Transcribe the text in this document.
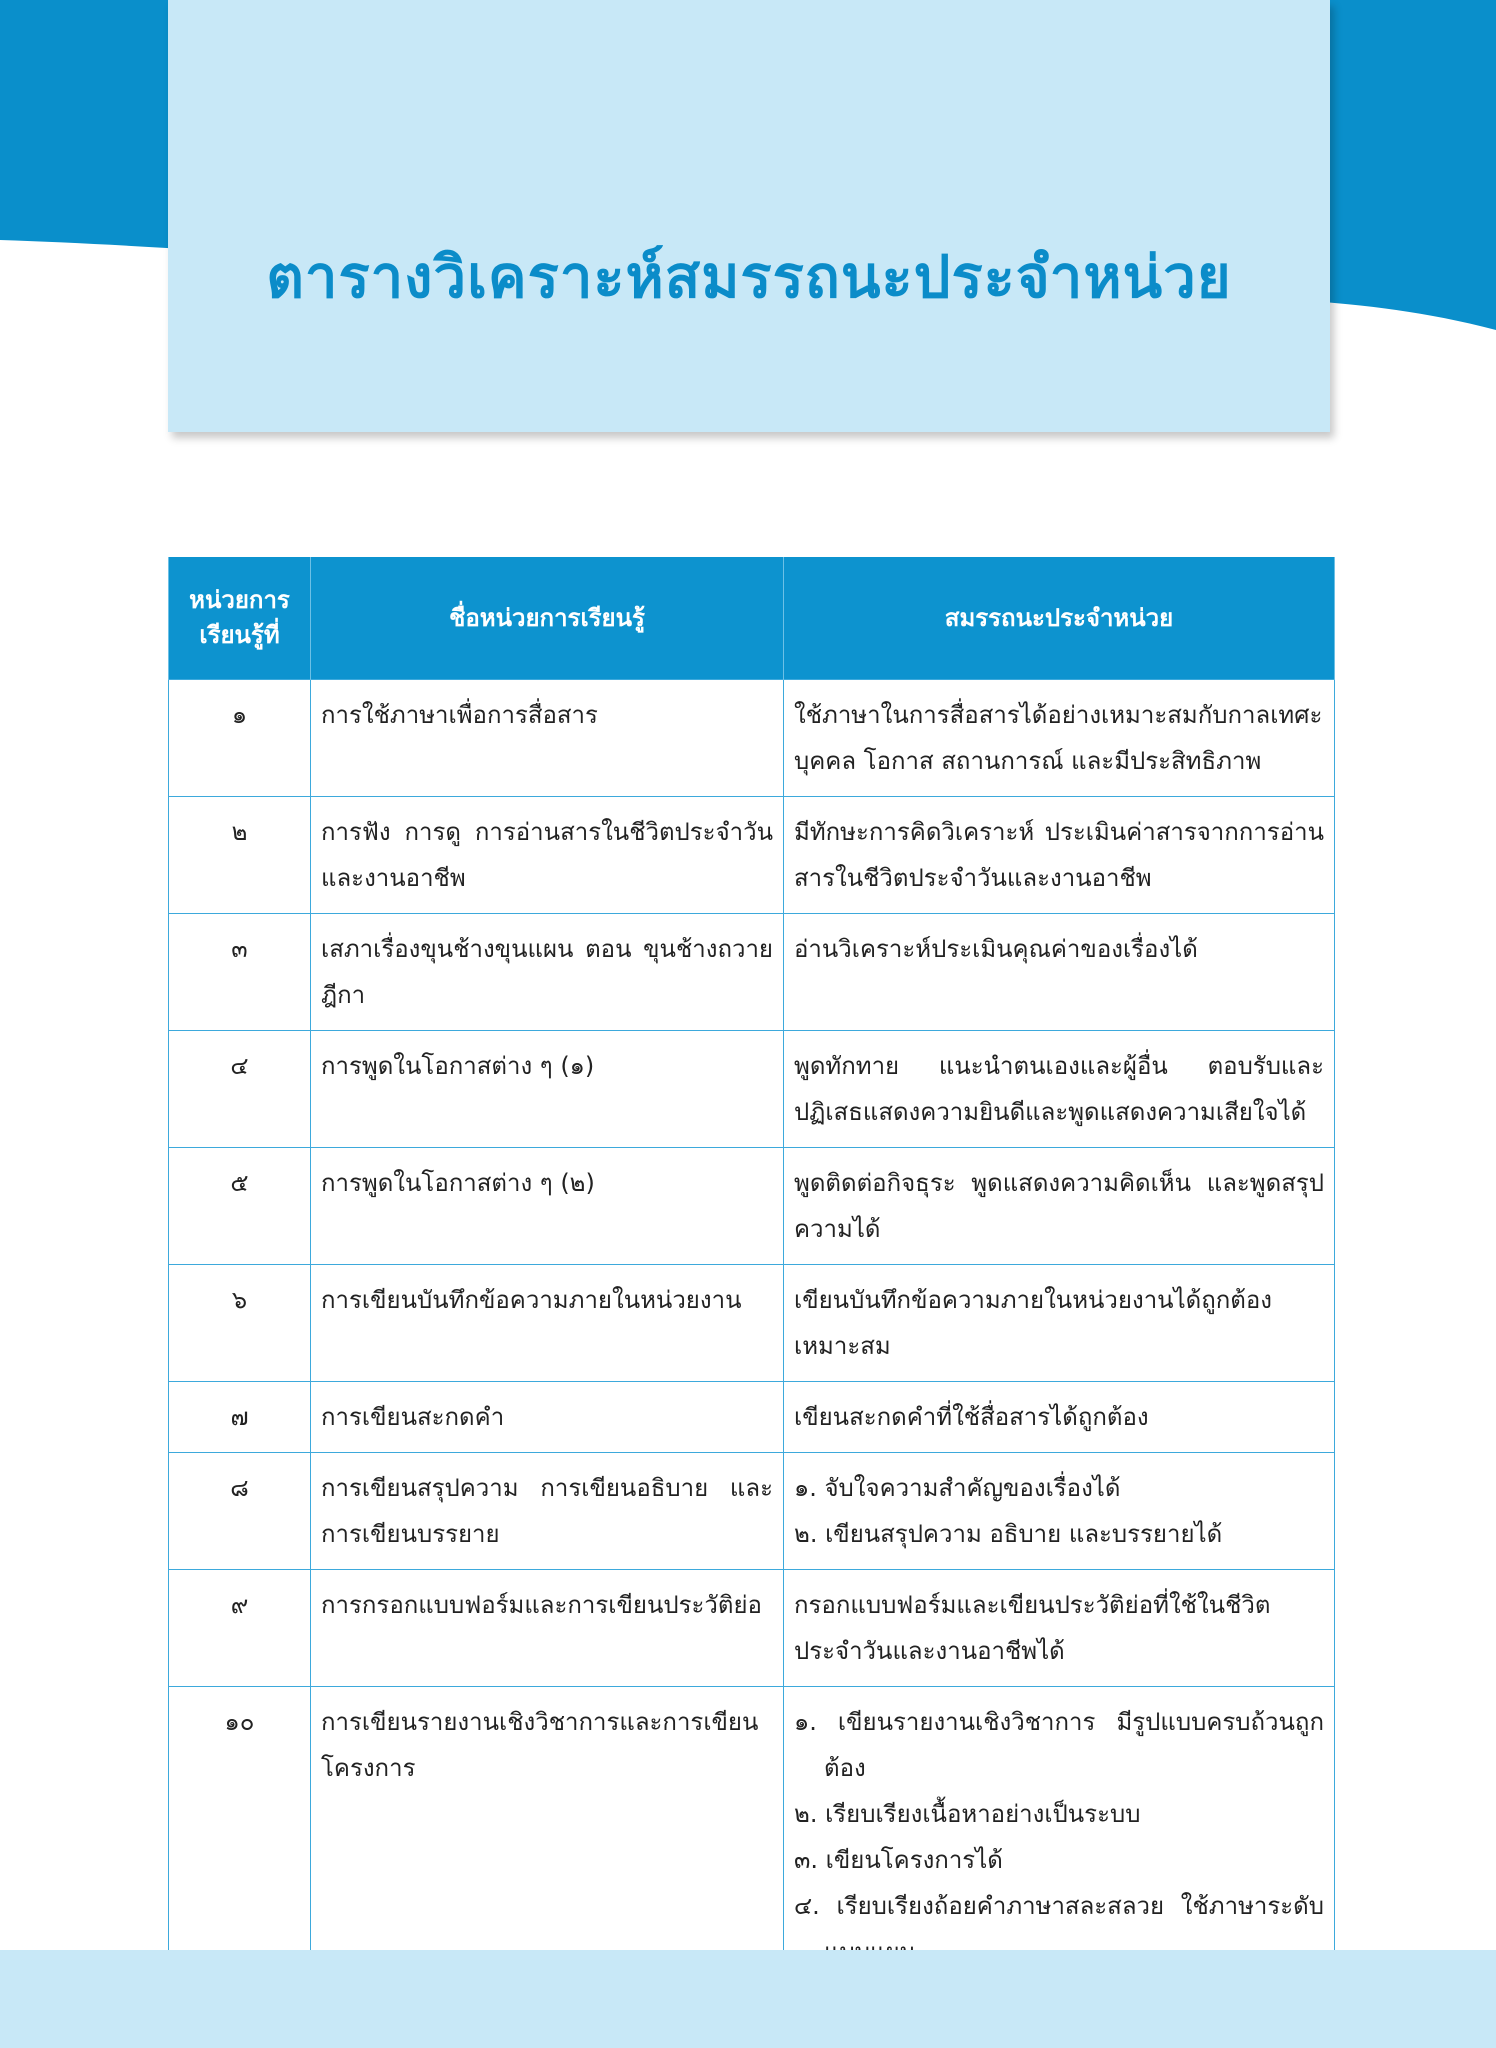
ตารางวิเคราะห์สมรรถนะประจำหน่วย
หน่วยการเรียนรู้ที่	ชื่อหน่วยการเรียนรู้	สมรรถนะประจำหน่วย
๑	การใช้ภาษาเพื่อการสื่อสาร	ใช้ภาษาในการสื่อสารได้อย่างเหมาะสมกับกาลเทศะ บุคคล โอกาส สถานการณ์ และมีประสิทธิภาพ

๒	การฟัง การดู การอ่านสารในชีวิตประจำวันและงานอาชีพ	มีทักษะการคิดวิเคราะห์ ประเมินค่าสารจากการอ่านสารในชีวิตประจำวันและงานอาชีพ

๓	เสภาเรื่องขุนช้างขุนแผน ตอน ขุนช้างถวายฎีกา	อ่านวิเคราะห์ประเมินคุณค่าของเรื่องได้

๔	การพูดในโอกาสต่าง ๆ (๑)	พูดทักทาย แนะนำตนเองและผู้อื่น ตอบรับและปฏิเสธแสดงความยินดีและพูดแสดงความเสียใจได้

๕	การพูดในโอกาสต่าง ๆ (๒)	พูดติดต่อกิจธุระ พูดแสดงความคิดเห็น และพูดสรุปความได้

๖	การเขียนบันทึกข้อความภายในหน่วยงาน	เขียนบันทึกข้อความภายในหน่วยงานได้ถูกต้องเหมาะสม

๗	การเขียนสะกดคำ	เขียนสะกดคำที่ใช้สื่อสารได้ถูกต้อง

๘	การเขียนสรุปความ การเขียนอธิบาย และการเขียนบรรยาย	๑. จับใจความสำคัญของเรื่องได้
๒. เขียนสรุปความ อธิบาย และบรรยายได้

๙	การกรอกแบบฟอร์มและการเขียนประวัติย่อ	กรอกแบบฟอร์มและเขียนประวัติย่อที่ใช้ในชีวิตประจำวันและงานอาชีพได้

๑๐	การเขียนรายงานเชิงวิชาการและการเขียนโครงการ	๑. เขียนรายงานเชิงวิชาการ มีรูปแบบครบถ้วนถูกต้อง
๒. เรียบเรียงเนื้อหาอย่างเป็นระบบ
๓. เขียนโครงการได้
๔. เรียบเรียงถ้อยคำภาษาสละสลวย ใช้ภาษาระดับ
